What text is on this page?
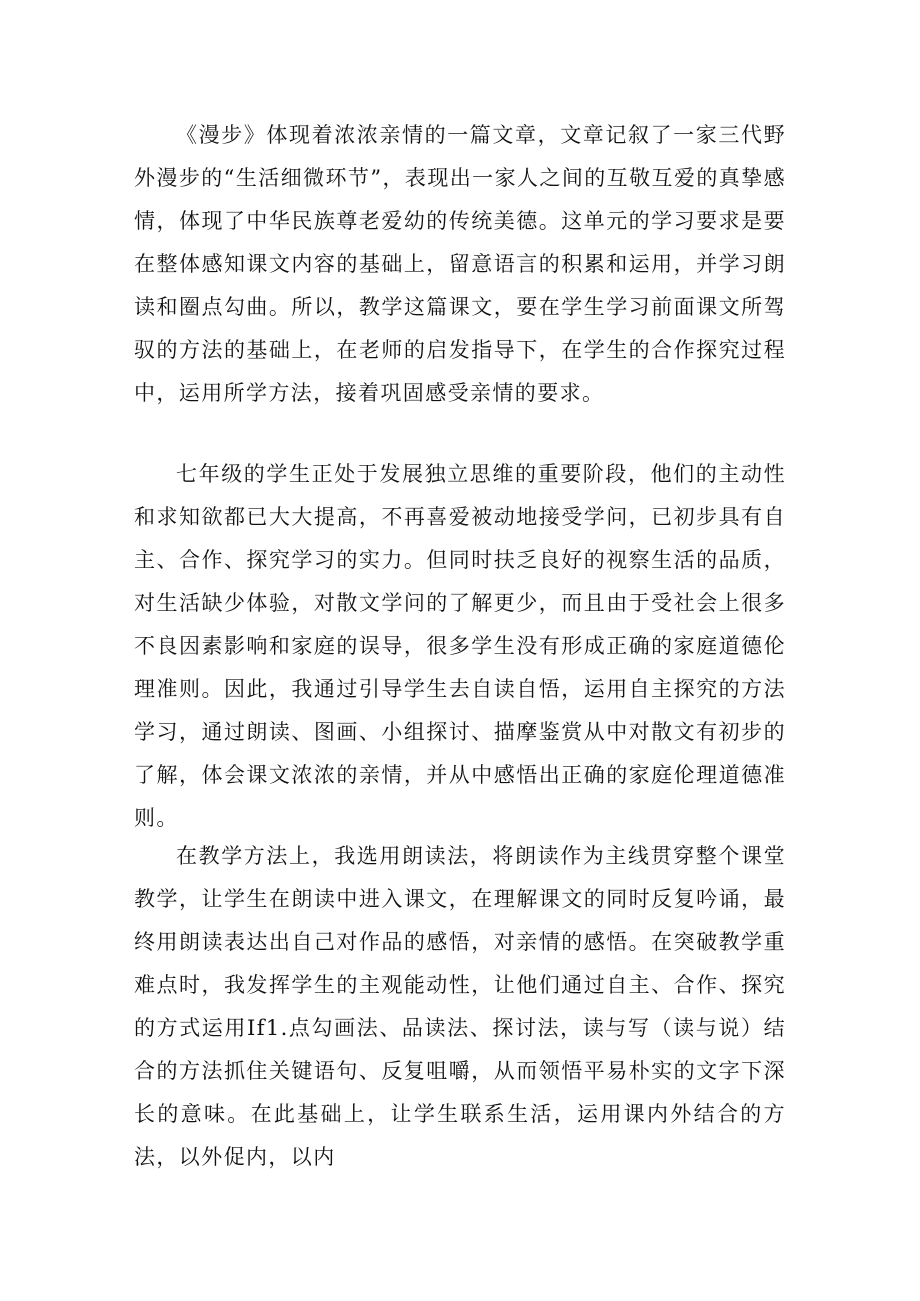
《漫步》体现着浓浓亲情的一篇文章，文章记叙了一家三代野外漫步的“生活细微环节”，表现出一家人之间的互敬互爱的真挚感情，体现了中华民族尊老爱幼的传统美德。这单元的学习要求是要在整体感知课文内容的基础上，留意语言的积累和运用，并学习朗读和圈点勾曲。所以，教学这篇课文，要在学生学习前面课文所驾驭的方法的基础上，在老师的启发指导下，在学生的合作探究过程中，运用所学方法，接着巩固感受亲情的要求。

七年级的学生正处于发展独立思维的重要阶段，他们的主动性和求知欲都已大大提高，不再喜爱被动地接受学问，已初步具有自主、合作、探究学习的实力。但同时扶乏良好的视察生活的品质，对生活缺少体验，对散文学问的了解更少，而且由于受社会上很多不良因素影响和家庭的误导，很多学生没有形成正确的家庭道德伦理准则。因此，我通过引导学生去自读自悟，运用自主探究的方法学习，通过朗读、图画、小组探讨、描摩鉴赏从中对散文有初步的了解，体会课文浓浓的亲情，并从中感悟出正确的家庭伦理道德准则。

在教学方法上，我选用朗读法，将朗读作为主线贯穿整个课堂教学，让学生在朗读中进入课文，在理解课文的同时反复吟诵，最终用朗读表达出自己对作品的感悟，对亲情的感悟。在突破教学重难点时，我发挥学生的主观能动性，让他们通过自主、合作、探究的方式运用If1.点勾画法、品读法、探讨法，读与写（读与说）结合的方法抓住关键语句、反复咀嚼，从而领悟平易朴实的文字下深长的意味。在此基础上，让学生联系生活，运用课内外结合的方法，以外促内，以内
